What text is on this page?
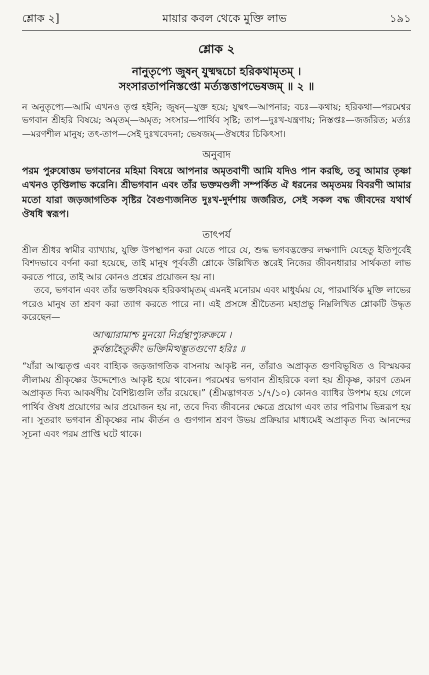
শ্লোক ২]	মায়ার কবল থেকে মুক্তি লাভ	১৯১
শ্লোক ২
নানুতৃপ্যে জুষন্‌ যুষ্মদ্বচো হরিকথামৃতম্‌ ।
সংসারতাপনিস্তপ্তো মর্ত্যস্তত্তাপভেষজম্‌ ॥ ২ ॥
ন অনুতৃপ্যে—আমি এখনও তৃপ্ত হইনি; জুষন্‌—যুক্ত হয়ে; যুষ্মৎ—আপনার; বচঃ—কথায়; হরিকথা—পরমেশ্বর ভগবান শ্রীহরি বিষয়ে; অমৃতম্‌—অমৃত; সংসার—পার্থিব সৃষ্টি; তাপ—দুঃখ-যন্ত্রণায়; নিস্তপ্তঃ—জর্জরিত; মর্ত্যঃ—মরণশীল মানুষ; তৎ-তাপ—সেই দুঃখবেদনা; ভেষজম্‌—ঔষধের চিকিৎসা।
অনুবাদ
পরম পুরুষোত্তম ভগবানের মহিমা বিষয়ে আপনার অমৃতবাণী আমি যদিও পান করছি, তবু আমার তৃষ্ণা এখনও তৃপ্তিলাভ করেনি। শ্রীভগবান এবং তাঁর ভক্তমণ্ডলী সম্পর্কিত ঐ ধরনের অমৃতময় বিবরণী আমার মতো যারা জড়জাগতিক সৃষ্টির বৈগুণ্যজনিত দুঃখ-দুর্দশায় জর্জরিত, সেই সকল বদ্ধ জীবদের যথার্থ ঔষধি স্বরূপ।
তাৎপর্য

শ্রীল শ্রীধর স্বামীর ব্যাখ্যায়, যুক্তি উপস্থাপন করা যেতে পারে যে, শুদ্ধ ভগবদ্ভক্তের লক্ষণাদি যেহেতু ইতিপূর্বেই বিশদভাবে বর্ণনা করা হয়েছে, তাই মানুষ পূর্ববর্তী শ্লোকে উল্লিখিত স্তরেই নিজের জীবনধারার সার্থকতা লাভ করতে পারে, তাই আর কোনও প্রশ্নের প্রয়োজন হয় না।

তবে, ভগবান এবং তাঁর ভক্তবিষয়ক হরিকথামৃতম্‌ এমনই মনোরম এবং মাধুর্যময় যে, পারমার্থিক মুক্তি লাভের পরেও মানুষ তা শ্রবণ করা ত্যাগ করতে পারে না। এই প্রসঙ্গে শ্রীচৈতন্য মহাপ্রভু নিম্নলিখিত শ্লোকটি উদ্ধৃত করেছেন—

আত্মারামাশ্চ মুনয়ো নির্গ্রন্থাপ্যুরুক্রমে ।
কুর্বন্ত্যহৈতুকীং ভক্তিমিত্থম্ভূতগুণো হরিঃ ॥

“যাঁরা আত্মতৃপ্ত এবং বাহ্যিক জড়জাগতিক বাসনায় আকৃষ্ট নন, তাঁরাও অপ্রাকৃত গুণবিভূষিত ও বিস্ময়কর লীলাময় শ্রীকৃষ্ণের উদ্দেশ্যেও আকৃষ্ট হয়ে থাকেন। পরমেশ্বর ভগবান শ্রীহরিকে বলা হয় শ্রীকৃষ্ণ, কারণ তেমন অপ্রাকৃত দিব্য আকর্ষণীয় বৈশিষ্ট্যগুলি তাঁর রয়েছে।” (শ্রীমদ্ভাগবত ১/৭/১০) কোনও ব্যাধির উপশম হয়ে গেলে পার্থিব ঔষধ প্রয়োগের আর প্রয়োজন হয় না, তবে দিব্য জীবনের ক্ষেত্রে প্রয়োগ এবং তার পরিণাম ভিন্নরূপ হয় না। সুতরাং ভগবান শ্রীকৃষ্ণের নাম কীর্তন ও গুণগান শ্রবণ উভয় প্রক্রিয়ার মাধ্যমেই অপ্রাকৃত দিব্য আনন্দের সূচনা এবং পরম প্রাপ্তি ঘটে থাকে।
